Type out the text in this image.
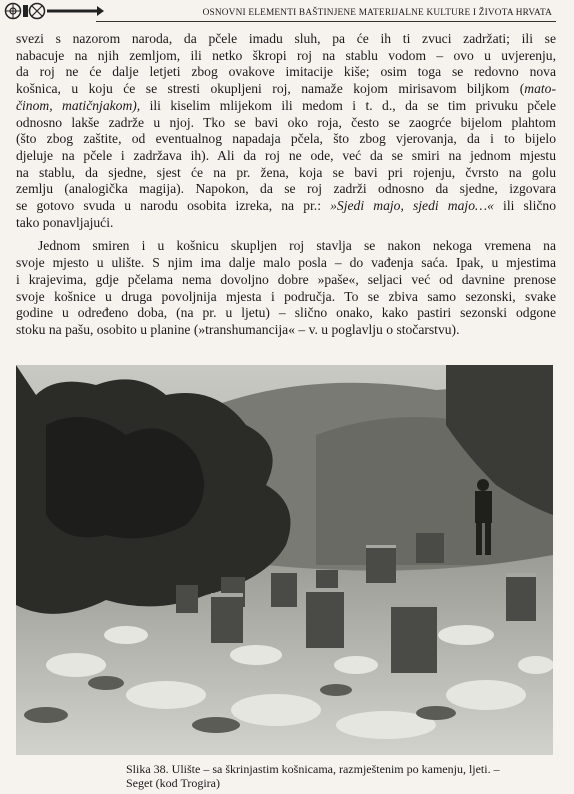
OSNOVNI ELEMENTI BAŠTINJENE MATERIJALNE KULTURE I ŽIVOTA HRVATA

svezi s nazorom naroda, da pčele imadu sluh, pa će ih ti zvuci zadržati; ili se
nabacuje na njih zemljom, ili netko škropi roj na stablu vodom – ovo u uvjerenju,
da roj ne će dalje letjeti zbog ovakove imitacije kiše; osim toga se redovno nova
košnica, u koju će se stresti okupljeni roj, namaže kojom mirisavom biljkom (mato-
činom, matičnjakom), ili kiselim mlijekom ili medom i t. d., da se tim privuku pčele
odnosno lakše zadrže u njoj. Tko se bavi oko roja, često se zaogrće bijelom plahtom
(što zbog zaštite, od eventualnog napadaja pčela, što zbog vjerovanja, da i to bijelo
djeluje na pčele i zadržava ih). Ali da roj ne ode, već da se smiri na jednom mjestu
na stablu, da sjedne, sjest će na pr. žena, koja se bavi pri rojenju, čvrsto na golu
zemlju (analogička magija). Napokon, da se roj zadrži odnosno da sjedne, izgovara
se gotovo svuda u narodu osobita izreka, na pr.: »Sjedi majo, sjedi majo…« ili slično
tako ponavljajući.

Jednom smiren i u košnicu skupljen roj stavlja se nakon nekoga vremena na
svoje mjesto u ulište. S njim ima dalje malo posla – do vađenja saća. Ipak, u mjestima
i krajevima, gdje pčelama nema dovoljno dobre »paše«, seljaci već od davnine prenose
svoje košnice u druga povoljnija mjesta i područja. To se zbiva samo sezonski, svake
godine u određeno doba, (na pr. u ljetu) – slično onako, kako pastiri sezonski odgone
stoku na pašu, osobito u planine (»transhumancija« – v. u poglavlju o stočarstvu).

Slika 38. Ulište – sa škrinjastim košnicama, razmještenim po kamenju, ljeti. –
Seget (kod Trogira)
